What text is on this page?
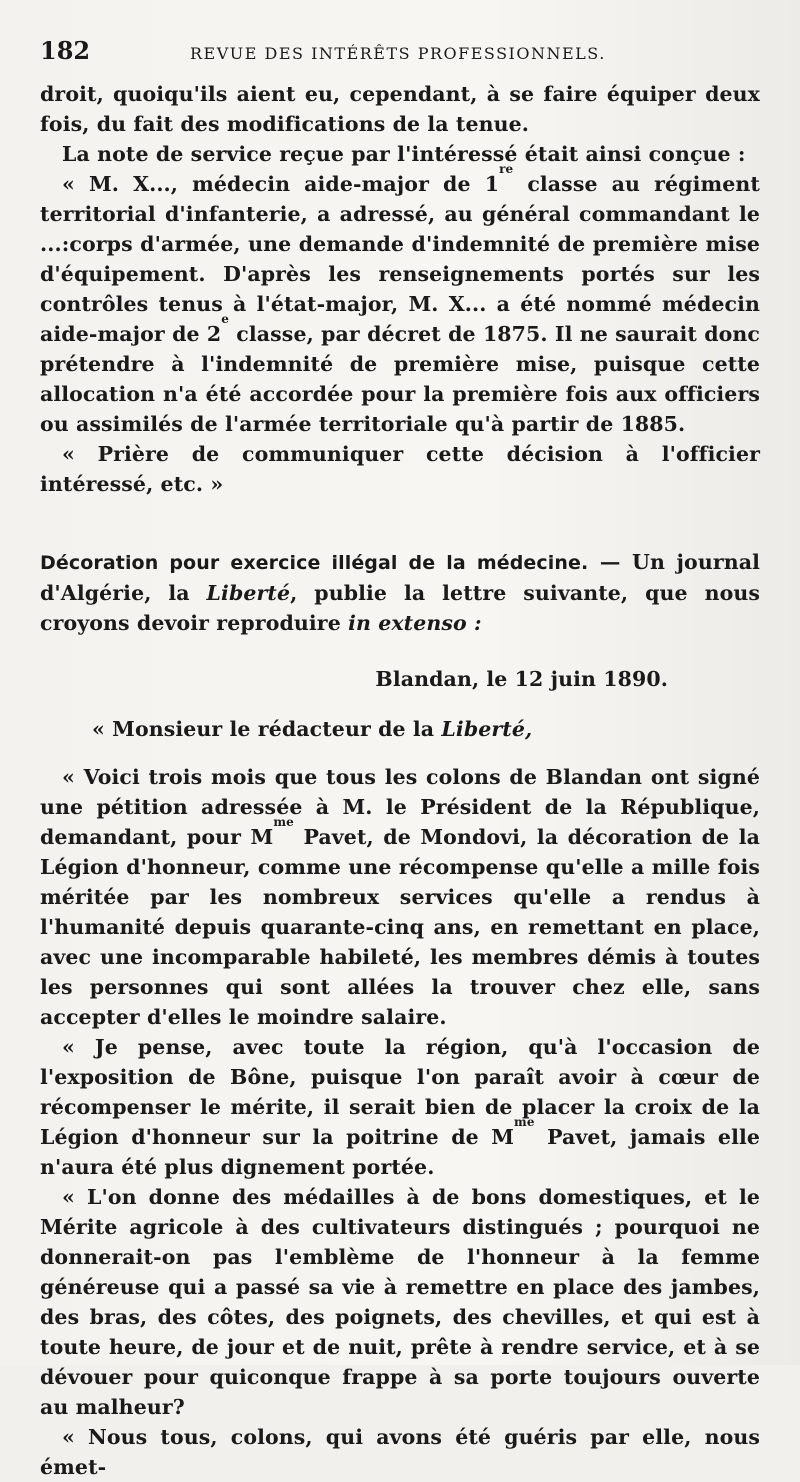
182	REVUE DES INTÉRÊTS PROFESSIONNELS.

droit, quoiqu'ils aient eu, cependant, à se faire équiper deux fois, du fait des modifications de la tenue.

La note de service reçue par l'intéressé était ainsi conçue :

« M. X..., médecin aide-major de 1re classe au régiment territorial d'infanterie, a adressé, au général commandant le ...:corps d'armée, une demande d'indemnité de première mise d'équipement. D'après les renseignements portés sur les contrôles tenus à l'état-major, M. X... a été nommé médecin aide-major de 2e classe, par décret de 1875. Il ne saurait donc prétendre à l'indemnité de première mise, puisque cette allocation n'a été accordée pour la première fois aux officiers ou assimilés de l'armée territoriale qu'à partir de 1885.

« Prière de communiquer cette décision à l'officier intéressé, etc. »

Décoration pour exercice illégal de la médecine. — Un journal d'Algérie, la Liberté, publie la lettre suivante, que nous croyons devoir reproduire in extenso :

Blandan, le 12 juin 1890.

« Monsieur le rédacteur de la Liberté,

« Voici trois mois que tous les colons de Blandan ont signé une pétition adressée à M. le Président de la République, demandant, pour $M^{me}$ Pavet, de Mondovi, la décoration de la Légion d'honneur, comme une récompense qu'elle a mille fois méritée par les nombreux services qu'elle a rendus à l'humanité depuis quarante-cinq ans, en remettant en place, avec une incomparable habileté, les membres démis à toutes les personnes qui sont allées la trouver chez elle, sans accepter d'elles le moindre salaire.

« Je pense, avec toute la région, qu'à l'occasion de l'exposition de Bône, puisque l'on paraît avoir à cœur de récompenser le mérite, il serait bien de placer la croix de la Légion d'honneur sur la poitrine de $M^{me}$ Pavet, jamais elle n'aura été plus dignement portée.

« L'on donne des médailles à de bons domestiques, et le Mérite agricole à des cultivateurs distingués ; pourquoi ne donnerait-on pas l'emblème de l'honneur à la femme généreuse qui a passé sa vie à remettre en place des jambes, des bras, des côtes, des poignets, des chevilles, et qui est à toute heure, de jour et de nuit, prête à rendre service, et à se dévouer pour quiconque frappe à sa porte toujours ouverte au malheur?

« Nous tous, colons, qui avons été guéris par elle, nous émet-
